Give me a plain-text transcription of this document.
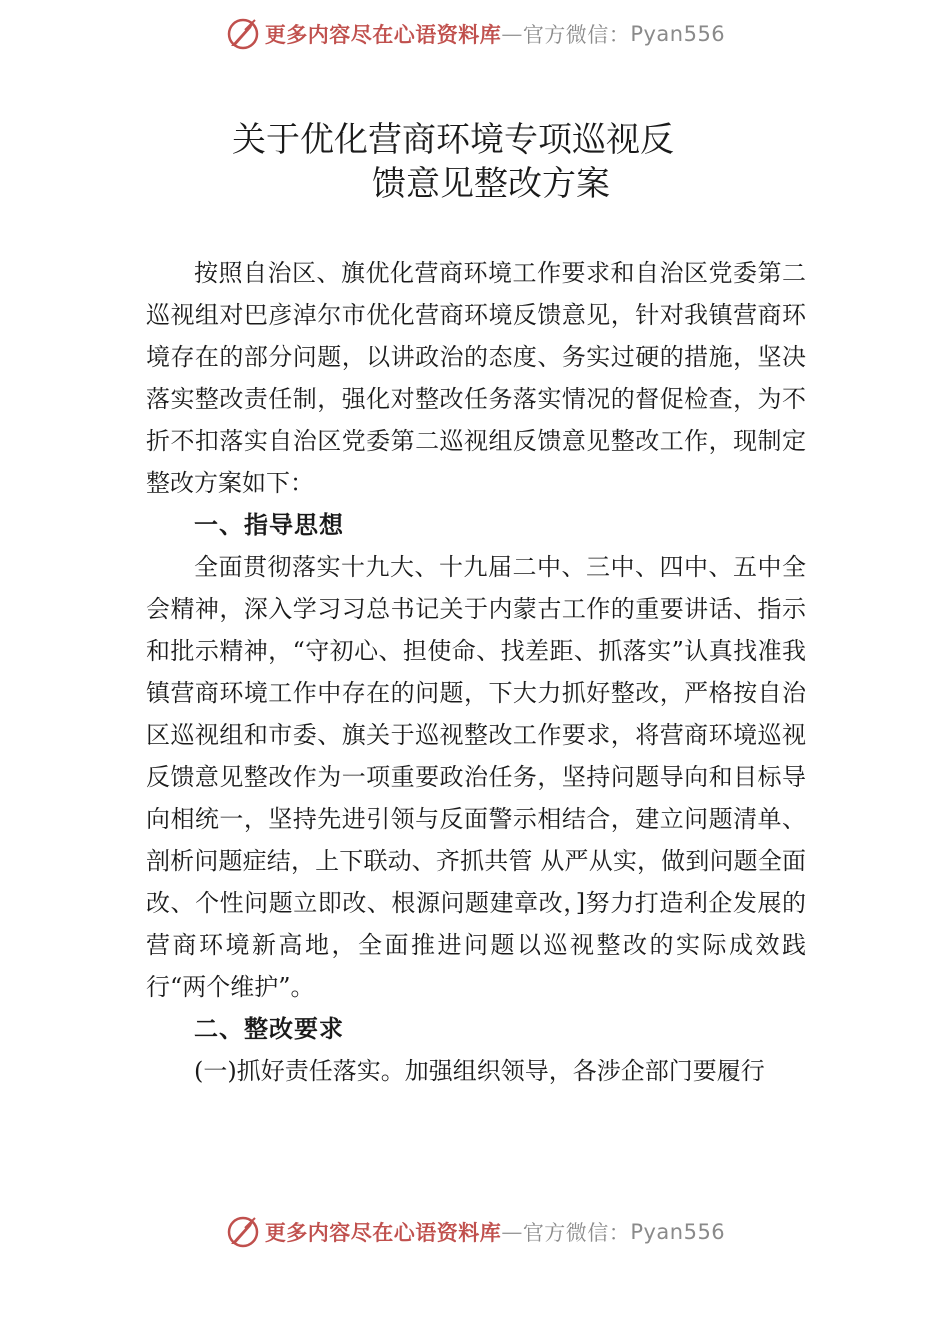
更多内容尽在心语资料库 — 官方微信： Pyan556
关于优化营商环境专项巡视反
馈意见整改方案

按照自治区、旗优化营商环境工作要求和自治区党委第二巡视组对巴彦淖尔市优化营商环境反馈意见，针对我镇营商环境存在的部分问题，以讲政治的态度、务实过硬的措施，坚决落实整改责任制，强化对整改任务落实情况的督促检查，为不折不扣落实自治区党委第二巡视组反馈意见整改工作，现制定整改方案如下：

一、指导思想

全面贯彻落实十九大、十九届二中、三中、四中、五中全会精神，深入学习习总书记关于内蒙古工作的重要讲话、指示和批示精神，“守初心、担使命、找差距、抓落实”认真找准我镇营商环境工作中存在的问题，下大力抓好整改，严格按自治区巡视组和市委、旗关于巡视整改工作要求，将营商环境巡视反馈意见整改作为一项重要政治任务，坚持问题导向和目标导向相统一，坚持先进引领与反面警示相结合，建立问题清单、剖析问题症结，上下联动、齐抓共管 从严从实，做到问题全面改、个性问题立即改、根源问题建章改，]努力打造利企发展的营商环境新高地，全面推进问题以巡视整改的实际成效践行“两个维护”。

二、整改要求

(一)抓好责任落实。加强组织领导，各涉企部门要履行

更多内容尽在心语资料库 — 官方微信： Pyan556
